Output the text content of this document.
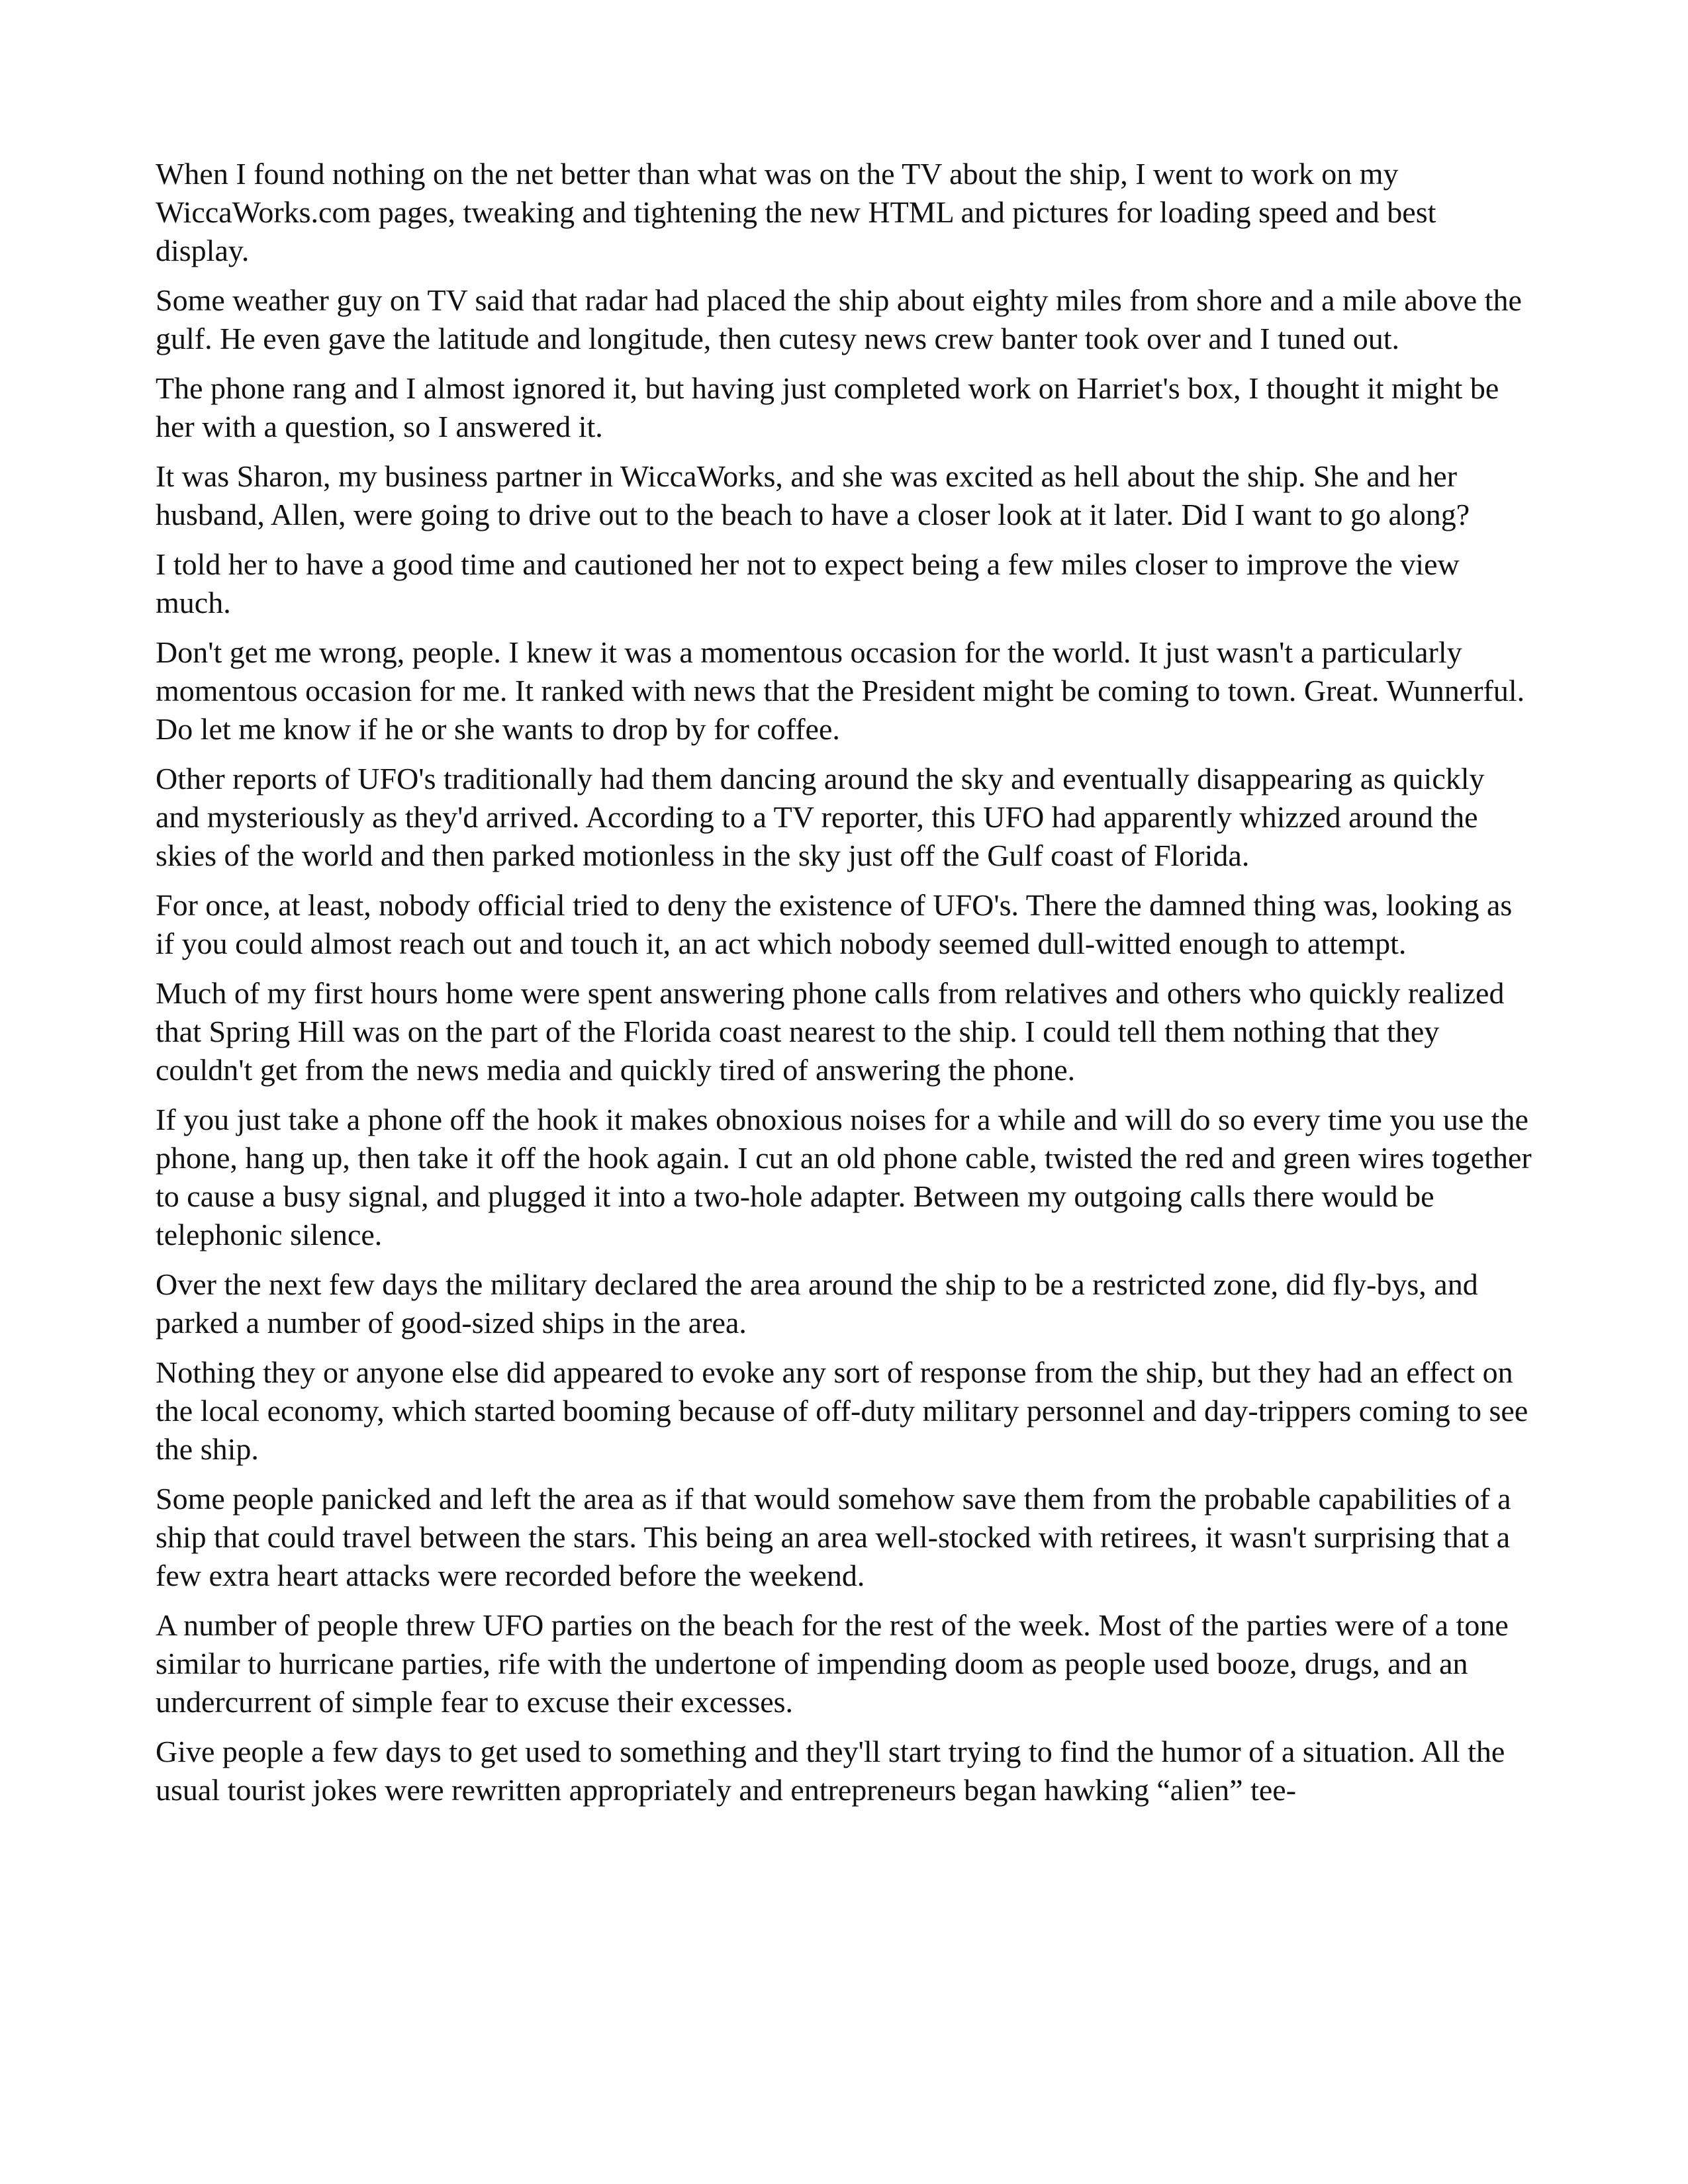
When I found nothing on the net better than what was on the TV about the ship, I went to work on my WiccaWorks.com pages, tweaking and tightening the new HTML and pictures for loading speed and best display.

Some weather guy on TV said that radar had placed the ship about eighty miles from shore and a mile above the gulf. He even gave the latitude and longitude, then cutesy news crew banter took over and I tuned out.

The phone rang and I almost ignored it, but having just completed work on Harriet's box, I thought it might be her with a question, so I answered it.

It was Sharon, my business partner in WiccaWorks, and she was excited as hell about the ship. She and her husband, Allen, were going to drive out to the beach to have a closer look at it later. Did I want to go along?

I told her to have a good time and cautioned her not to expect being a few miles closer to improve the view much.

Don't get me wrong, people. I knew it was a momentous occasion for the world. It just wasn't a particularly momentous occasion for me. It ranked with news that the President might be coming to town. Great. Wunnerful. Do let me know if he or she wants to drop by for coffee.

Other reports of UFO's traditionally had them dancing around the sky and eventually disappearing as quickly and mysteriously as they'd arrived. According to a TV reporter, this UFO had apparently whizzed around the skies of the world and then parked motionless in the sky just off the Gulf coast of Florida.

For once, at least, nobody official tried to deny the existence of UFO's. There the damned thing was, looking as if you could almost reach out and touch it, an act which nobody seemed dull-witted enough to attempt.

Much of my first hours home were spent answering phone calls from relatives and others who quickly realized that Spring Hill was on the part of the Florida coast nearest to the ship. I could tell them nothing that they couldn't get from the news media and quickly tired of answering the phone.

If you just take a phone off the hook it makes obnoxious noises for a while and will do so every time you use the phone, hang up, then take it off the hook again. I cut an old phone cable, twisted the red and green wires together to cause a busy signal, and plugged it into a two-hole adapter. Between my outgoing calls there would be telephonic silence.

Over the next few days the military declared the area around the ship to be a restricted zone, did fly-bys, and parked a number of good-sized ships in the area.

Nothing they or anyone else did appeared to evoke any sort of response from the ship, but they had an effect on the local economy, which started booming because of off-duty military personnel and day-trippers coming to see the ship.

Some people panicked and left the area as if that would somehow save them from the probable capabilities of a ship that could travel between the stars. This being an area well-stocked with retirees, it wasn't surprising that a few extra heart attacks were recorded before the weekend.

A number of people threw UFO parties on the beach for the rest of the week. Most of the parties were of a tone similar to hurricane parties, rife with the undertone of impending doom as people used booze, drugs, and an undercurrent of simple fear to excuse their excesses.

Give people a few days to get used to something and they'll start trying to find the humor of a situation. All the usual tourist jokes were rewritten appropriately and entrepreneurs began hawking “alien” tee-
